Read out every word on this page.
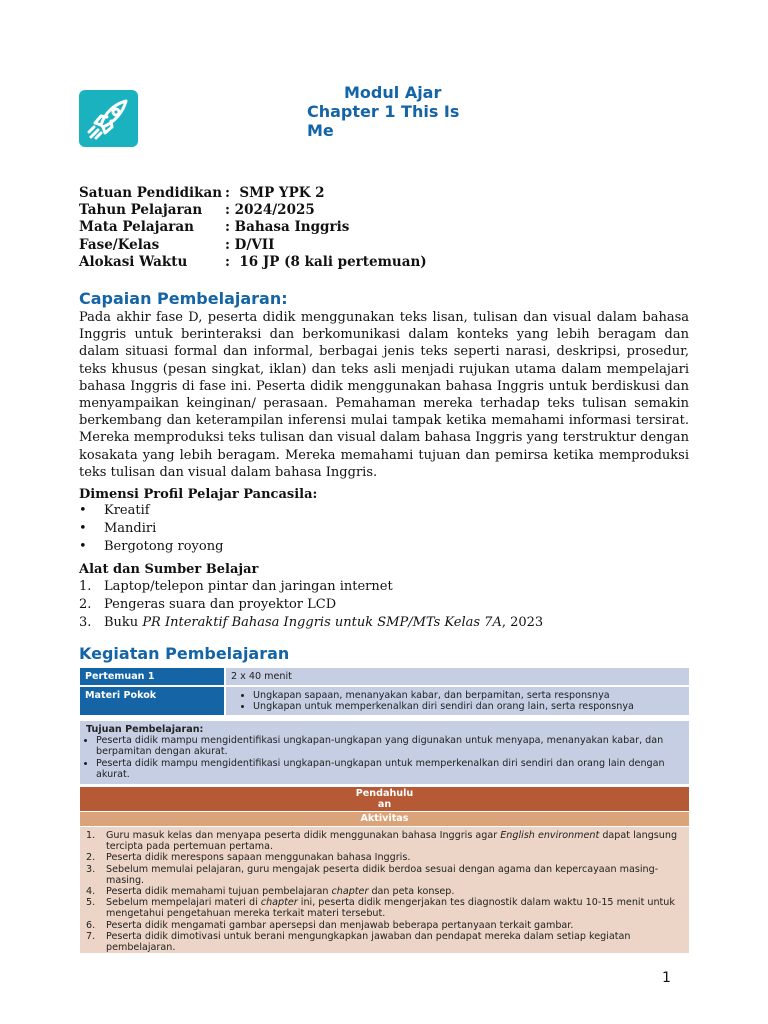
Modul Ajar
Chapter 1 This Is
Me
Satuan Pendidikan :  SMP YPK 2
Tahun Pelajaran	: 2024/2025
Mata Pelajaran	: Bahasa Inggris
Fase/Kelas	: D/VII
Alokasi Waktu	:  16 JP (8 kali pertemuan)
Capaian Pembelajaran:
Pada akhir fase D, peserta didik menggunakan teks lisan, tulisan dan visual dalam bahasa Inggris untuk berinteraksi dan berkomunikasi dalam konteks yang lebih beragam dan dalam situasi formal dan informal, berbagai jenis teks seperti narasi, deskripsi, prosedur, teks khusus (pesan singkat, iklan) dan teks asli menjadi rujukan utama dalam mempelajari bahasa Inggris di fase ini. Peserta didik menggunakan bahasa Inggris untuk berdiskusi dan menyampaikan keinginan/ perasaan. Pemahaman mereka terhadap teks tulisan semakin berkembang dan keterampilan inferensi mulai tampak ketika memahami informasi tersirat. Mereka memproduksi teks tulisan dan visual dalam bahasa Inggris yang terstruktur dengan kosakata yang lebih beragam. Mereka memahami tujuan dan pemirsa ketika memproduksi teks tulisan dan visual dalam bahasa Inggris.
Dimensi Profil Pelajar Pancasila:
•	Kreatif
•	Mandiri
•	Bergotong royong
Alat dan Sumber Belajar
1. Laptop/telepon pintar dan jaringan internet
2. Pengeras suara dan proyektor LCD
3. Buku PR Interaktif Bahasa Inggris untuk SMP/MTs Kelas 7A, 2023
Kegiatan Pembelajaran
Pertemuan 1	2 x 40 menit
Materi Pokok
•	Ungkapan sapaan, menanyakan kabar, dan berpamitan, serta responsnya
• Ungkapan untuk memperkenalkan diri sendiri dan orang lain, serta responsnya
Tujuan Pembelajaran:
• Peserta didik mampu mengidentifikasi ungkapan-ungkapan yang digunakan untuk menyapa, menanyakan kabar, dan berpamitan dengan akurat.
• Peserta didik mampu mengidentifikasi ungkapan-ungkapan untuk memperkenalkan diri sendiri dan orang lain dengan akurat.
Pendahulu
an
Aktivitas
1.	Guru masuk kelas dan menyapa peserta didik menggunakan bahasa Inggris agar English environment dapat langsung tercipta pada pertemuan pertama.
2.	Peserta didik merespons sapaan menggunakan bahasa Inggris.
3.	Sebelum memulai pelajaran, guru mengajak peserta didik berdoa sesuai dengan agama dan kepercayaan masing-masing.
4.	Peserta didik memahami tujuan pembelajaran chapter dan peta konsep.
5.	Sebelum mempelajari materi di chapter ini, peserta didik mengerjakan tes diagnostik dalam waktu 10-15 menit untuk mengetahui pengetahuan mereka terkait materi tersebut.
6.	Peserta didik mengamati gambar apersepsi dan menjawab beberapa pertanyaan terkait gambar.
7.	Peserta didik dimotivasi untuk berani mengungkapkan jawaban dan pendapat mereka dalam setiap kegiatan pembelajaran.
1
